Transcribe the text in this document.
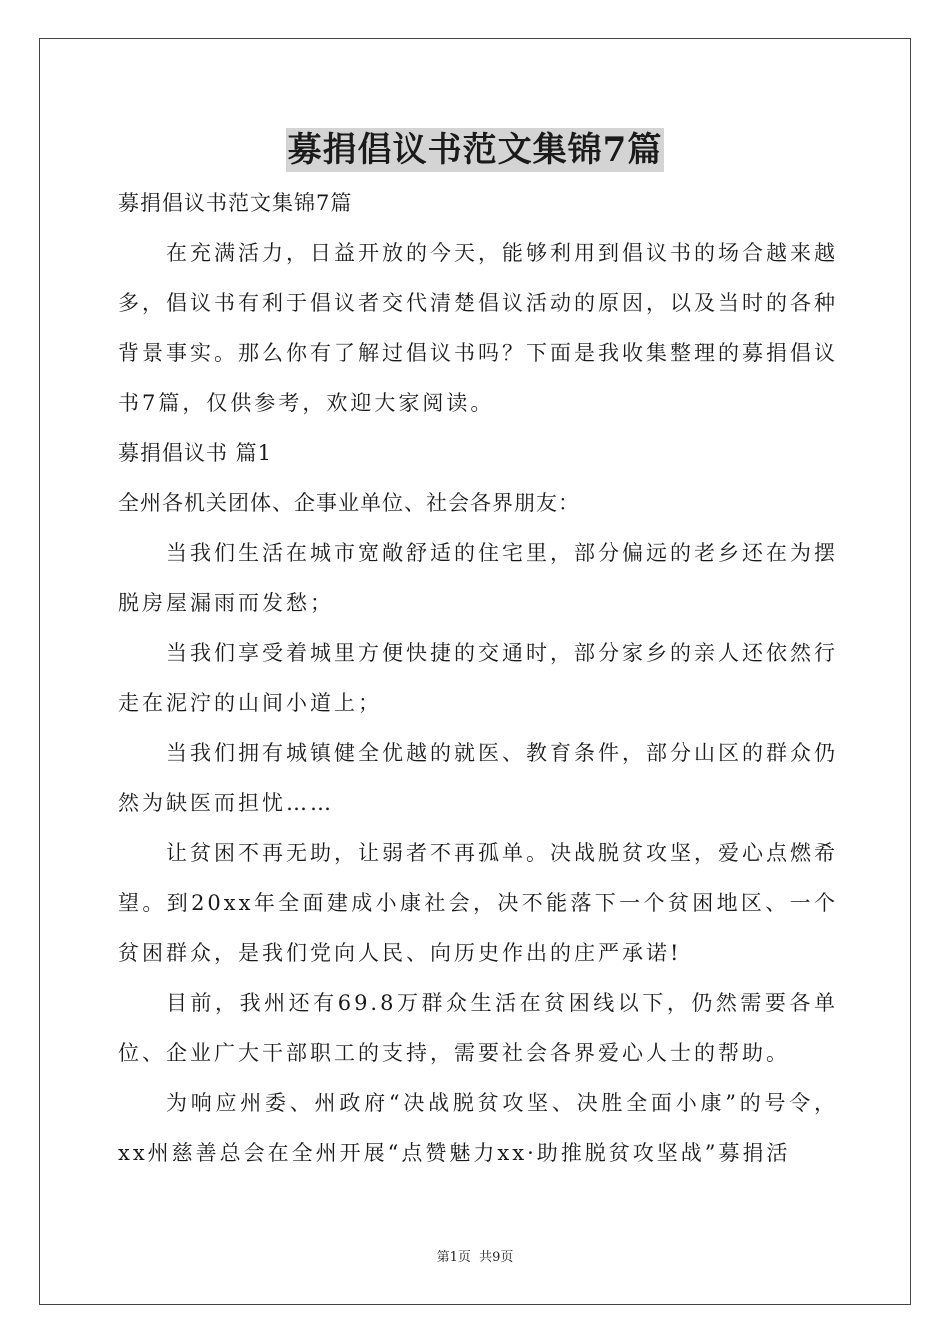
募捐倡议书范文集锦7篇

募捐倡议书范文集锦7篇

在充满活力，日益开放的今天，能够利用到倡议书的场合越来越多，倡议书有利于倡议者交代清楚倡议活动的原因，以及当时的各种背景事实。那么你有了解过倡议书吗？下面是我收集整理的募捐倡议书7篇，仅供参考，欢迎大家阅读。

募捐倡议书 篇1

全州各机关团体、企事业单位、社会各界朋友：

当我们生活在城市宽敞舒适的住宅里，部分偏远的老乡还在为摆脱房屋漏雨而发愁；

当我们享受着城里方便快捷的交通时，部分家乡的亲人还依然行走在泥泞的山间小道上；

当我们拥有城镇健全优越的就医、教育条件，部分山区的群众仍然为缺医而担忧……

让贫困不再无助，让弱者不再孤单。决战脱贫攻坚，爱心点燃希望。到20xx年全面建成小康社会，决不能落下一个贫困地区、一个贫困群众，是我们党向人民、向历史作出的庄严承诺!

目前，我州还有69.8万群众生活在贫困线以下，仍然需要各单位、企业广大干部职工的支持，需要社会各界爱心人士的帮助。

为响应州委、州政府“决战脱贫攻坚、决胜全面小康”的号令，xx州慈善总会在全州开展“点赞魅力xx·助推脱贫攻坚战”募捐活

第1页 共9页
